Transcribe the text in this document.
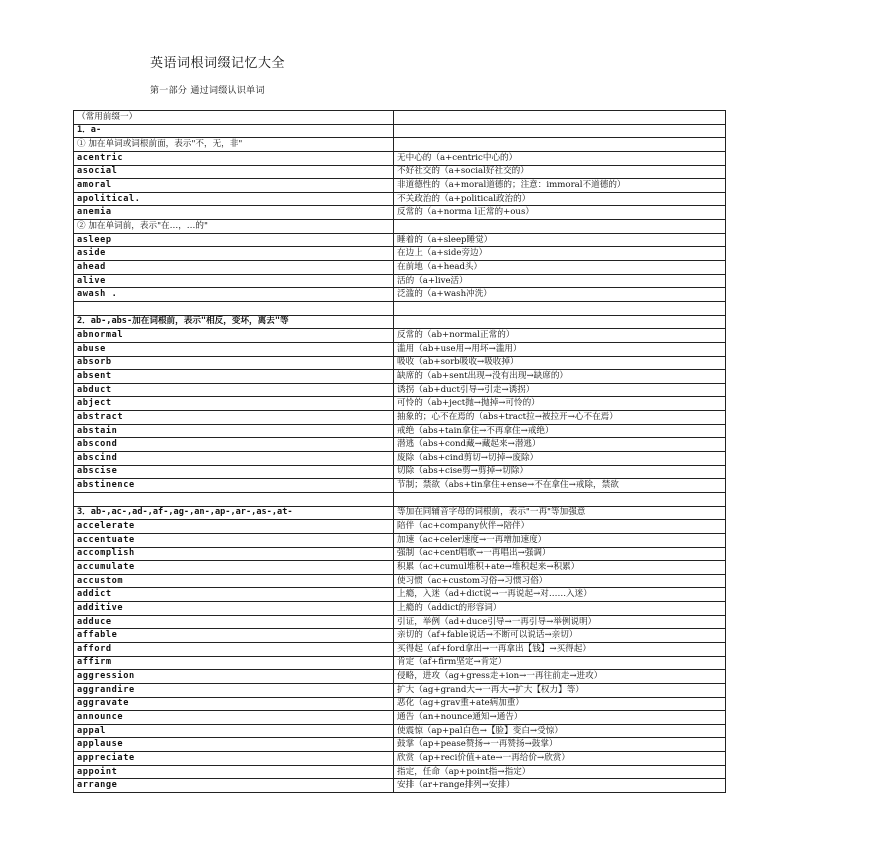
英语词根词缀记忆大全
第一部分 通过词缀认识单词
（常用前缀一）	
1．a-	
① 加在单词或词根前面，表示"不，无，非"	
acentric	无中心的（a+centric中心的）
asocial	不好社交的（a+social好社交的）
amoral	非道德性的（a+moral道德的；注意：immoral不道德的）
apolitical.	不关政治的（a+political政治的）
anemia	反常的（a+norma l正常的+ous）
② 加在单词前，表示"在…，…的"	
asleep	睡着的（a+sleep睡觉）
aside	在边上（a+side旁边）
ahead	在前地（a+head头）
alive	活的（a+live活）
awash .	泛滥的（a+wash冲洗）

2．ab-,abs-加在词根前，表示"相反，变坏，离去"等	
abnormal	反常的（ab+normal正常的）
abuse	滥用（ab+use用→用坏→滥用）
absorb	吸收（ab+sorb吸收→吸收掉）
absent	缺席的（ab+sent出现→没有出现→缺席的）
abduct	诱拐（ab+duct引导→引走→诱拐）
abject	可怜的（ab+ject抛→抛掉→可怜的）
abstract	抽象的；心不在焉的（abs+tract拉→被拉开→心不在焉）
abstain	戒绝（abs+tain拿住→不再拿住→戒绝）
abscond	潜逃（abs+cond藏→藏起来→潜逃）
abscind	废除（abs+cind剪切→切掉→废除）
abscise	切除（abs+cise剪→剪掉→切除）
abstinence	节制；禁欲（abs+tin拿住+ense→不在拿住→戒除，禁欲

3．ab-,ac-,ad-,af-,ag-,an-,ap-,ar-,as-,at-	等加在同辅音字母的词根前，表示"一再"等加强意
accelerate	陪伴（ac+company伙伴→陪伴）
accentuate	加速（ac+celer速度→一再增加速度）
accomplish	强制（ac+cent唱歌→一再唱出→强调）
accumulate	积累（ac+cumul堆积+ate→堆积起来→积累）
accustom	使习惯（ac+custom习俗→习惯习俗）
addict	上瘾，入迷（ad+dict说→一再说起→对……入迷）
additive	上瘾的（addict的形容词）
adduce	引证，举例（ad+duce引导→一再引导→举例说明）
affable	亲切的（af+fable说话→不断可以说话→亲切）
afford	买得起（af+ford拿出→一再拿出【钱】→买得起）
affirm	肯定（af+firm坚定→肯定）
aggression	侵略，进攻（ag+gress走+ion→一再往前走→进攻）
aggrandire	扩大（ag+grand大→一再大→扩大【权力】等）
aggravate	恶化（ag+grav重+ate病加重）
announce	通告（an+nounce通知→通告）
appal	使震惊（ap+pal白色→【脸】变白→受惊）
applause	鼓掌（ap+pease赞扬→一再赞扬→鼓掌）
appreciate	欣赏（ap+reci价值+ate→一再给价→欣赏）
appoint	指定，任命（ap+point指→指定）
arrange	安排（ar+range排列→安排）
